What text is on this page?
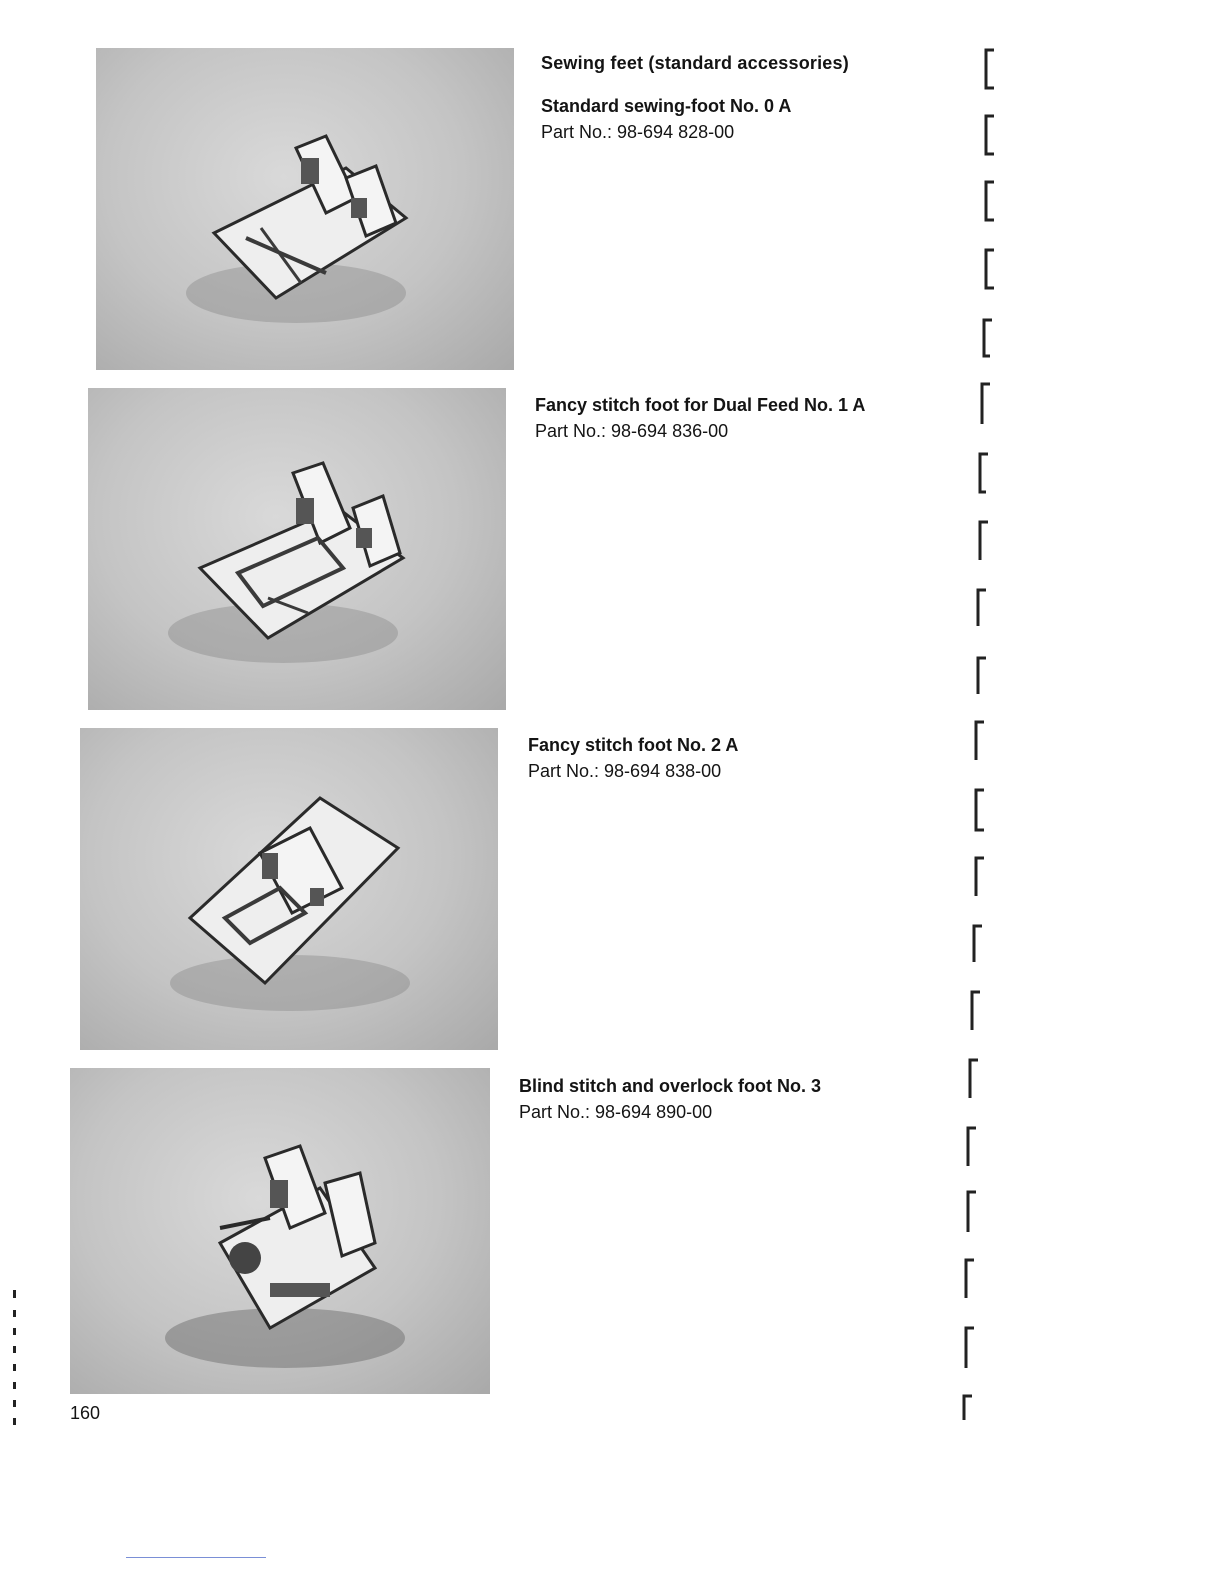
Sewing feet (standard accessories)

Standard sewing-foot No. 0 A

Part No.: 98-694 828-00

Fancy stitch foot for Dual Feed No. 1 A

Part No.: 98-694 836-00

Fancy stitch foot No. 2 A

Part No.: 98-694 838-00

Blind stitch and overlock foot No. 3

Part No.: 98-694 890-00

160
